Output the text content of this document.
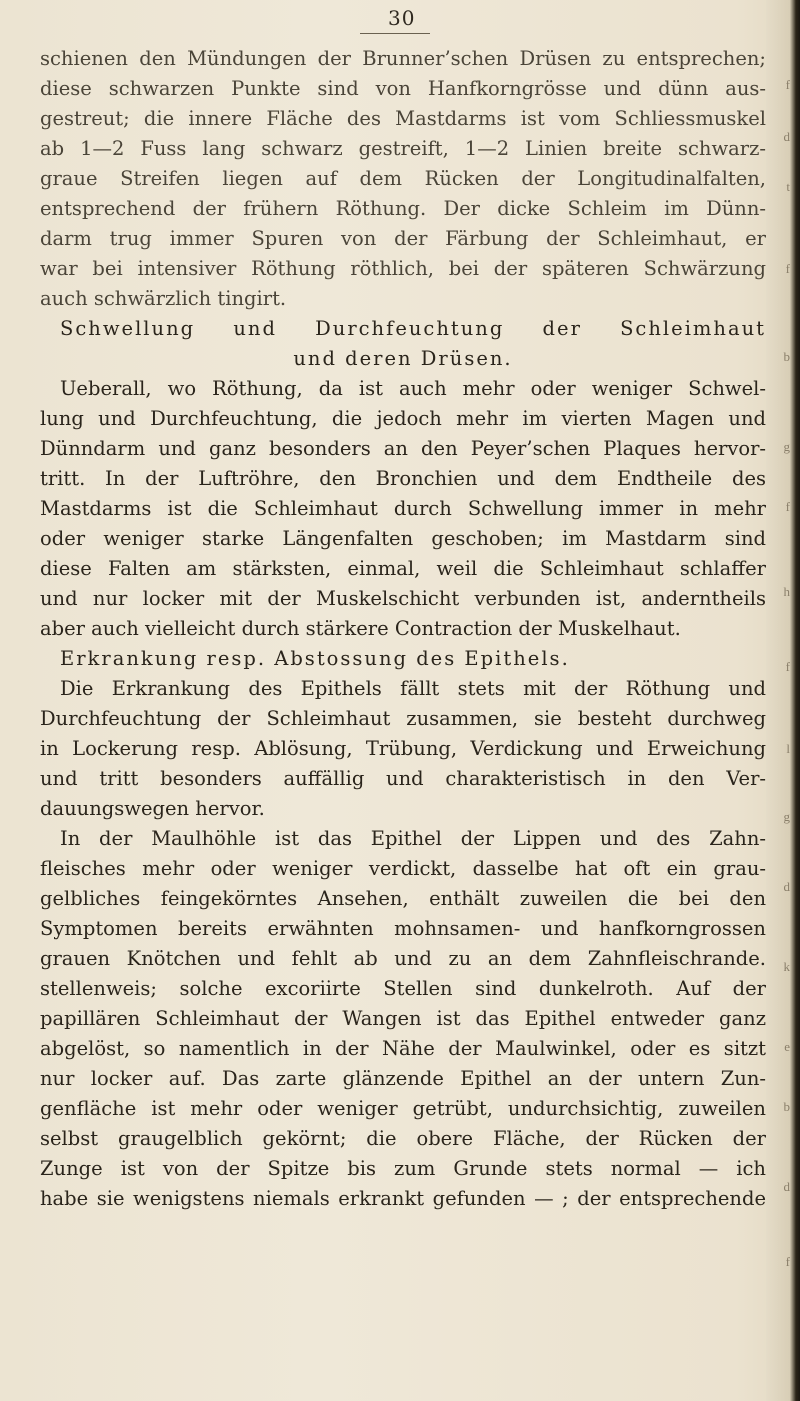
30
schienen den Mündungen der Brunner’schen Drüsen zu entsprechen;
diese schwarzen Punkte sind von Hanfkorngrösse und dünn aus-
gestreut; die innere Fläche des Mastdarms ist vom Schliessmuskel
ab 1—2 Fuss lang schwarz gestreift, 1—2 Linien breite schwarz-
graue Streifen liegen auf dem Rücken der Longitudinalfalten,
entsprechend der frühern Röthung. Der dicke Schleim im Dünn-
darm trug immer Spuren von der Färbung der Schleimhaut, er
war bei intensiver Röthung röthlich, bei der späteren Schwärzung
auch schwärzlich tingirt.
Schwellung und Durchfeuchtung der Schleimhaut
und deren Drüsen.
Ueberall, wo Röthung, da ist auch mehr oder weniger Schwel-
lung und Durchfeuchtung, die jedoch mehr im vierten Magen und
Dünndarm und ganz besonders an den Peyer’schen Plaques hervor-
tritt. In der Luftröhre, den Bronchien und dem Endtheile des
Mastdarms ist die Schleimhaut durch Schwellung immer in mehr
oder weniger starke Längenfalten geschoben; im Mastdarm sind
diese Falten am stärksten, einmal, weil die Schleimhaut schlaffer
und nur locker mit der Muskelschicht verbunden ist, anderntheils
aber auch vielleicht durch stärkere Contraction der Muskelhaut.
Erkrankung resp. Abstossung des Epithels.
Die Erkrankung des Epithels fällt stets mit der Röthung und
Durchfeuchtung der Schleimhaut zusammen, sie besteht durchweg
in Lockerung resp. Ablösung, Trübung, Verdickung und Erweichung
und tritt besonders auffällig und charakteristisch in den Ver-
dauungswegen hervor.
In der Maulhöhle ist das Epithel der Lippen und des Zahn-
fleisches mehr oder weniger verdickt, dasselbe hat oft ein grau-
gelbliches feingekörntes Ansehen, enthält zuweilen die bei den
Symptomen bereits erwähnten mohnsamen- und hanfkorngrossen
grauen Knötchen und fehlt ab und zu an dem Zahnfleischrande.
stellenweis; solche excoriirte Stellen sind dunkelroth. Auf der
papillären Schleimhaut der Wangen ist das Epithel entweder ganz
abgelöst, so namentlich in der Nähe der Maulwinkel, oder es sitzt
nur locker auf. Das zarte glänzende Epithel an der untern Zun-
genfläche ist mehr oder weniger getrübt, undurchsichtig, zuweilen
selbst graugelblich gekörnt; die obere Fläche, der Rücken der
Zunge ist von der Spitze bis zum Grunde stets normal — ich
habe sie wenigstens niemals erkrankt gefunden — ; der entsprechende
f
d
t
f
b
g
f
h
f
l
g
d
k
e
b
d
f
